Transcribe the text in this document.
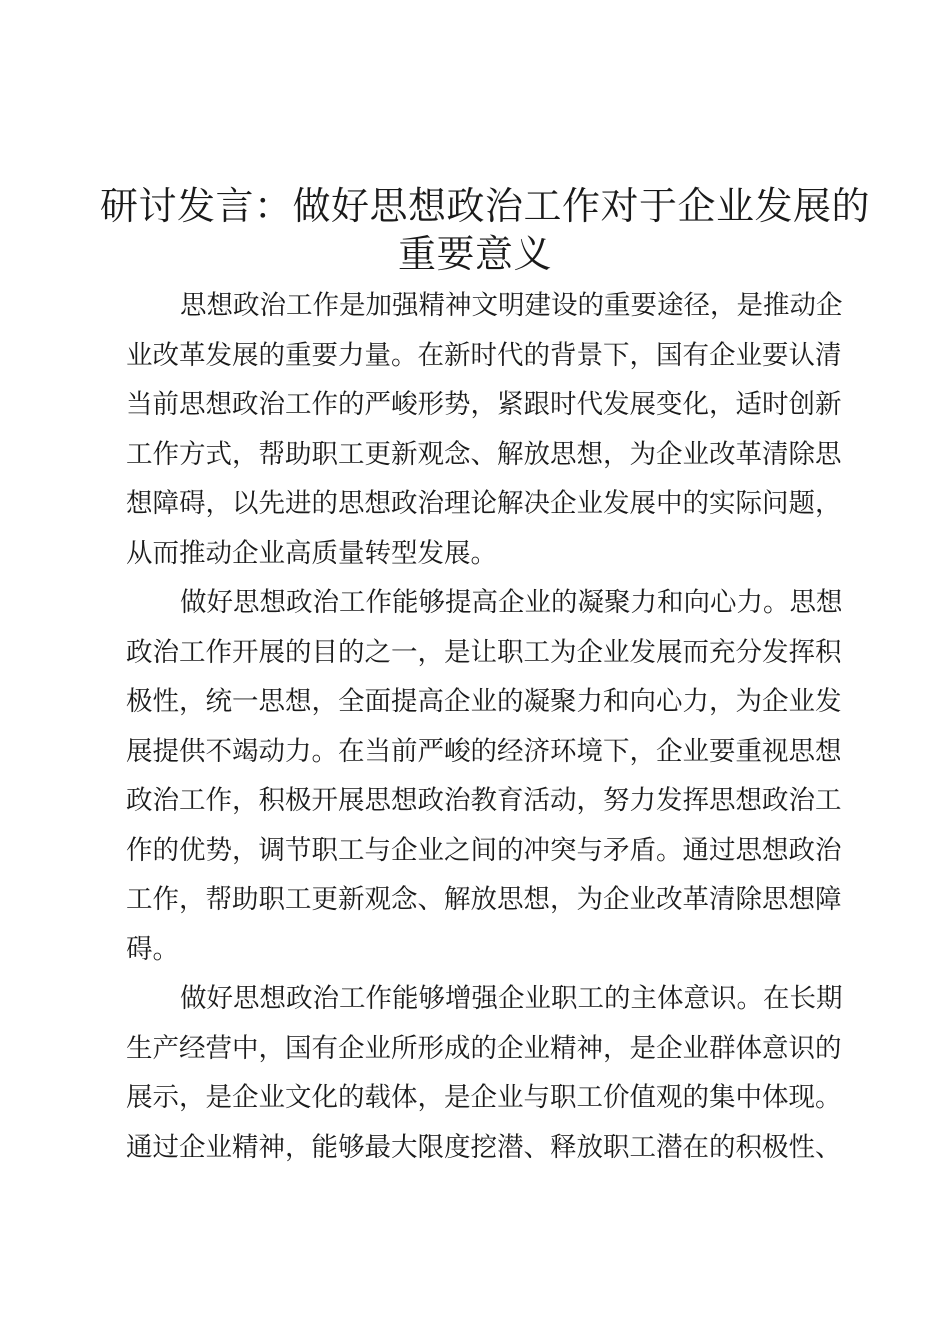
研讨发言：做好思想政治工作对于企业发展的
重要意义
思想政治工作是加强精神文明建设的重要途径，是推动企
业改革发展的重要力量。在新时代的背景下，国有企业要认清
当前思想政治工作的严峻形势，紧跟时代发展变化，适时创新
工作方式，帮助职工更新观念、解放思想，为企业改革清除思
想障碍，以先进的思想政治理论解决企业发展中的实际问题，
从而推动企业高质量转型发展。
做好思想政治工作能够提高企业的凝聚力和向心力。思想
政治工作开展的目的之一，是让职工为企业发展而充分发挥积
极性，统一思想，全面提高企业的凝聚力和向心力，为企业发
展提供不竭动力。在当前严峻的经济环境下，企业要重视思想
政治工作，积极开展思想政治教育活动，努力发挥思想政治工
作的优势，调节职工与企业之间的冲突与矛盾。通过思想政治
工作，帮助职工更新观念、解放思想，为企业改革清除思想障
碍。
做好思想政治工作能够增强企业职工的主体意识。在长期
生产经营中，国有企业所形成的企业精神，是企业群体意识的
展示，是企业文化的载体，是企业与职工价值观的集中体现。
通过企业精神，能够最大限度挖潜、释放职工潜在的积极性、
